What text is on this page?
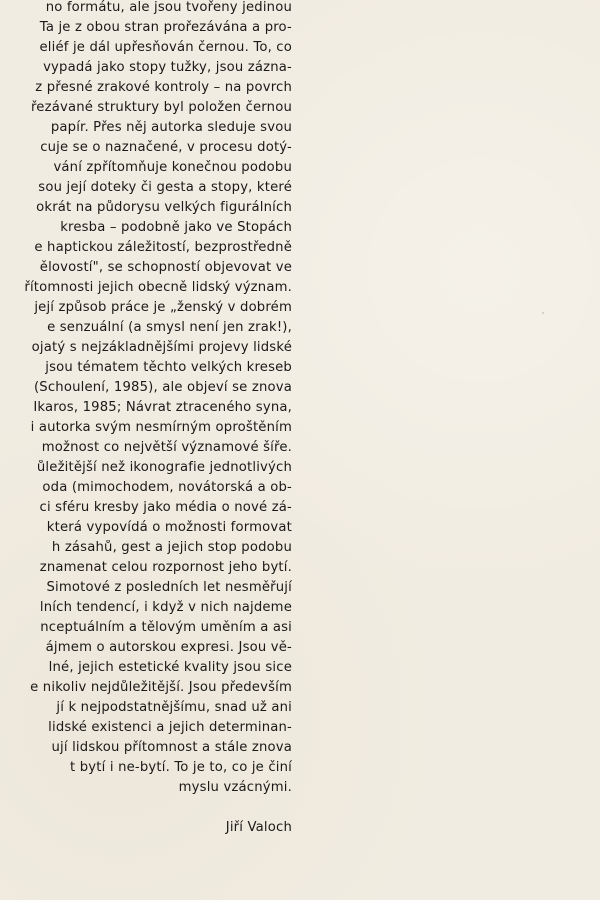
no formátu, ale jsou tvořeny jedinou
Ta je z obou stran prořezávána a pro-
eliéf je dál upřesňován černou. To, co
vypadá jako stopy tužky, jsou zázna-
z přesné zrakové kontroly – na povrch
řezávané struktury byl položen černou
papír. Přes něj autorka sleduje svou
cuje se o naznačené, v procesu dotý-
vání zpřítomňuje konečnou podobu
sou její doteky či gesta a stopy, které
okrát na půdorysu velkých figurálních
kresba – podobně jako ve Stopách
e haptickou záležitostí, bezprostředně
ělovostí", se schopností objevovat ve
řítomnosti jejich obecně lidský význam.
její způsob práce je „ženský v dobrém
e senzuální (a smysl není jen zrak!),
ojatý s nejzákladnějšími projevy lidské
jsou tématem těchto velkých kreseb
(Schoulení, 1985), ale objeví se znova
Ikaros, 1985; Návrat ztraceného syna,
i autorka svým nesmírným oproštěním
možnost co největší významové šíře.
ůležitější než ikonografie jednotlivých
oda (mimochodem, novátorská a ob-
ci sféru kresby jako média o nové zá-
která vypovídá o možnosti formovat
h zásahů, gest a jejich stop podobu
znamenat celou rozpornost jeho bytí.
Šimotové z posledních let nesměřují
lních tendencí, i když v nich najdeme
nceptuálním a tělovým uměním a asi
ájmem o autorskou expresi. Jsou vě-
lné, jejich estetické kvality jsou sice
e nikoliv nejdůležitější. Jsou především
jí k nejpodstatnějšímu, snad už ani
lidské existenci a jejich determinan-
ují lidskou přítomnost a stále znova
t bytí i ne-bytí. To je to, co je činí
myslu vzácnými.
Jiří Valoch
